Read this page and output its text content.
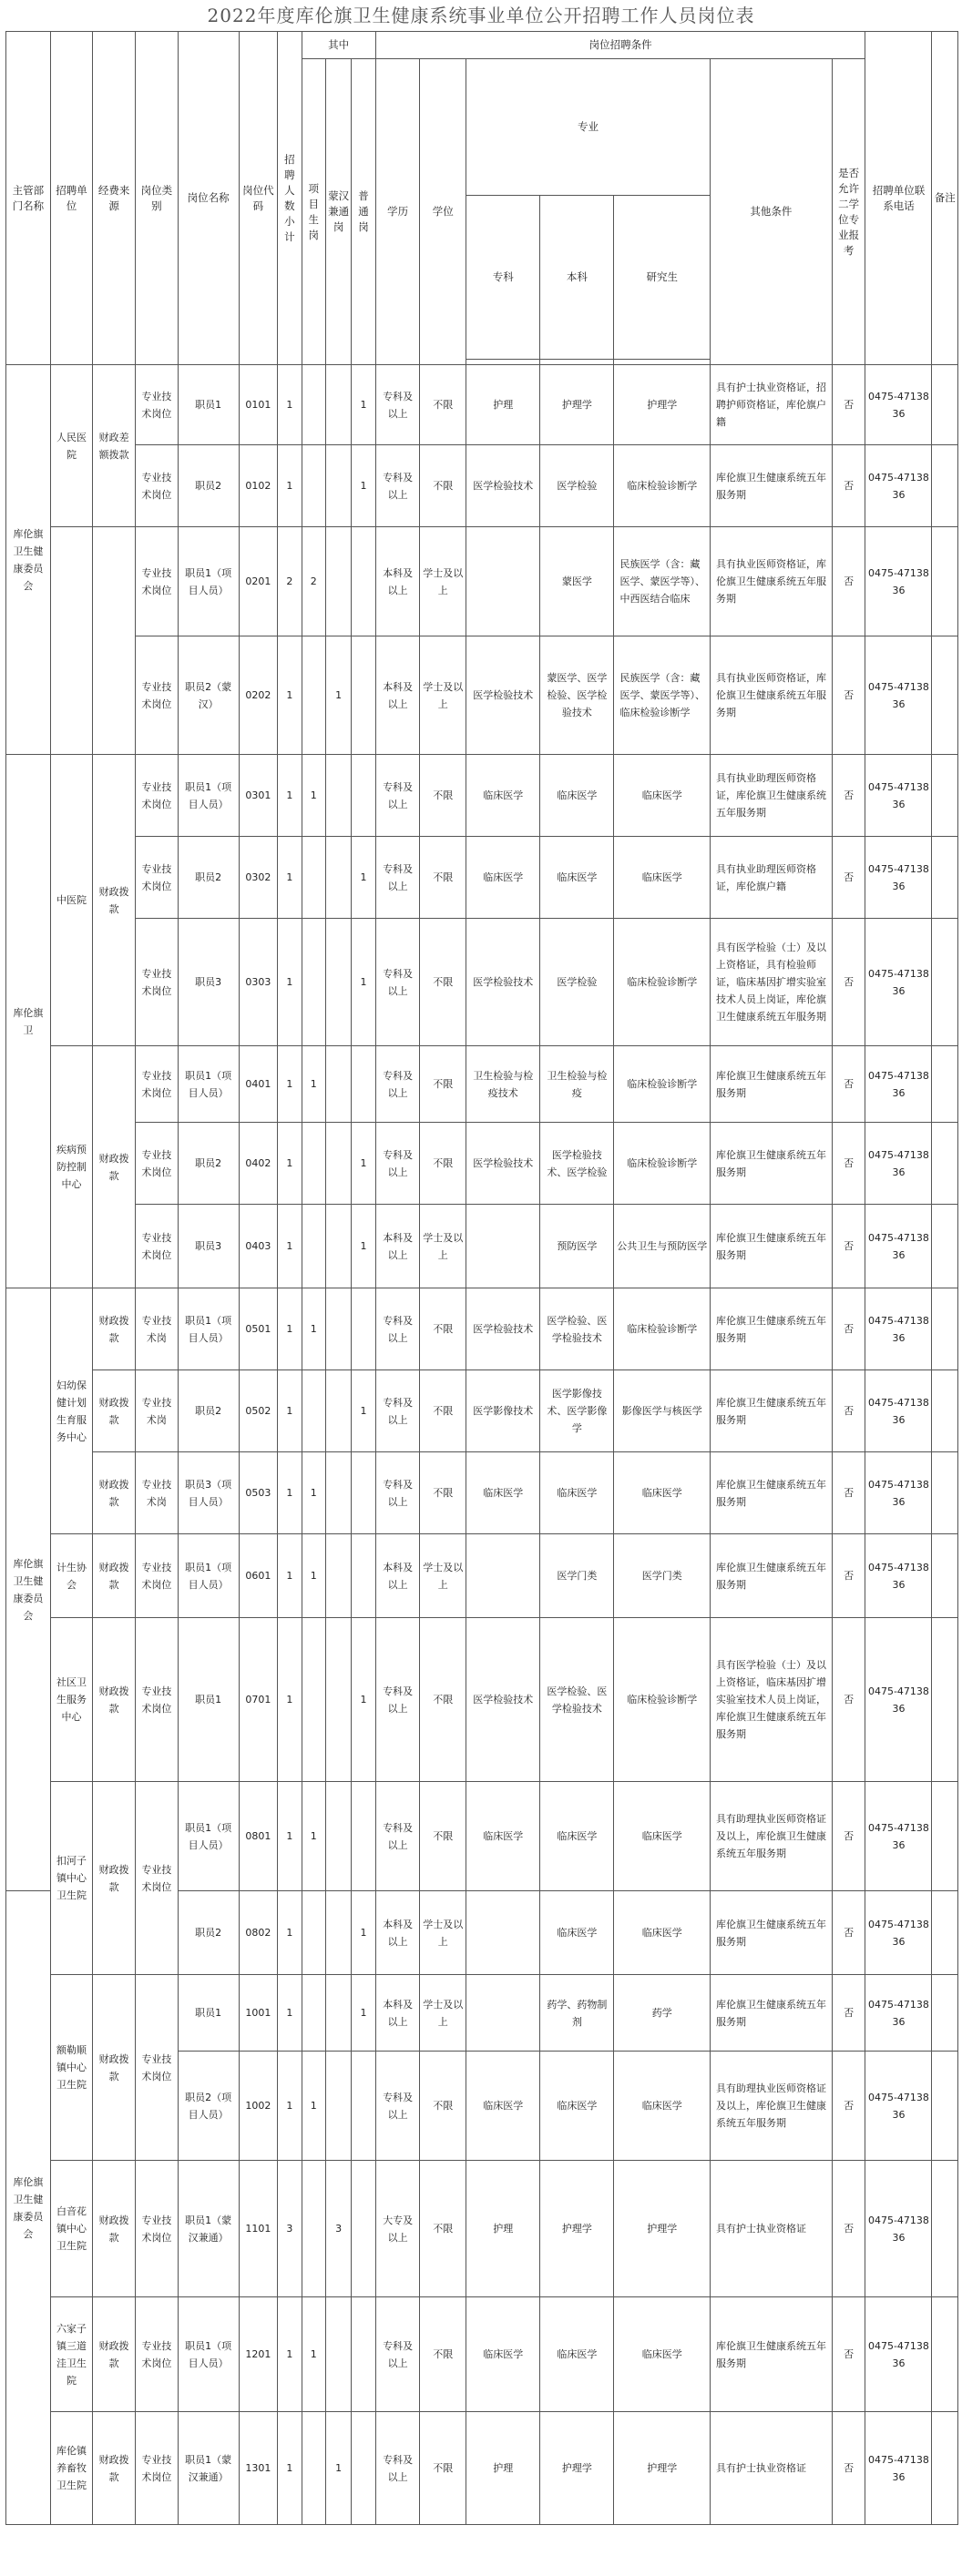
2022年度库伦旗卫生健康系统事业单位公开招聘工作人员岗位表
主管部门名称	招聘单位	经费来源	岗位类别	岗位名称	岗位代码	招聘人数小计	其中			岗位招聘条件							招聘单位联系电话	备注
							项目生岗	蒙汉兼通岗	普通岗	学历	学位	专业			其他条件	是否允许二学位专业报考		
												专科	本科	研究生				

库伦旗卫生健康委员会	人民医院	财政差额拨款	专业技术岗位	职员1	0101	1			1	专科及以上	不限	护理	护理学	护理学	具有护士执业资格证，招聘护师资格证，库伦旗户籍	否	0475-4713836	
			专业技术岗位	职员2	0102	1			1	专科及以上	不限	医学检验技术	医学检验	临床检验诊断学	库伦旗卫生健康系统五年服务期	否	0475-4713836	
			专业技术岗位	职员1（项目人员）	0201	2	2			本科及以上	学士及以上		蒙医学	民族医学（含：藏医学、蒙医学等）、中西医结合临床	具有执业医师资格证，库伦旗卫生健康系统五年服务期	否	0475-4713836	
			专业技术岗位	职员2（蒙汉）	0202	1		1		本科及以上	学士及以上	医学检验技术	蒙医学、医学检验、医学检验技术	民族医学（含：藏医学、蒙医学等）、临床检验诊断学	具有执业医师资格证，库伦旗卫生健康系统五年服务期	否	0475-4713836	
库伦旗卫	中医院	财政拨款	专业技术岗位	职员1（项目人员）	0301	1	1			专科及以上	不限	临床医学	临床医学	临床医学	具有执业助理医师资格证，库伦旗卫生健康系统五年服务期	否	0475-4713836	
			专业技术岗位	职员2	0302	1			1	专科及以上	不限	临床医学	临床医学	临床医学	具有执业助理医师资格证，库伦旗户籍	否	0475-4713836	
			专业技术岗位	职员3	0303	1			1	专科及以上	不限	医学检验技术	医学检验	临床检验诊断学	具有医学检验（士）及以上资格证，具有检验师证，临床基因扩增实验室技术人员上岗证，库伦旗卫生健康系统五年服务期	否	0475-4713836	
	疾病预防控制中心	财政拨款	专业技术岗位	职员1（项目人员）	0401	1	1			专科及以上	不限	卫生检验与检疫技术	卫生检验与检疫	临床检验诊断学	库伦旗卫生健康系统五年服务期	否	0475-4713836	
			专业技术岗位	职员2	0402	1			1	专科及以上	不限	医学检验技术	医学检验技术、医学检验	临床检验诊断学	库伦旗卫生健康系统五年服务期	否	0475-4713836	
			专业技术岗位	职员3	0403	1			1	本科及以上	学士及以上		预防医学	公共卫生与预防医学	库伦旗卫生健康系统五年服务期	否	0475-4713836	
库伦旗卫生健康委员会	妇幼保健计划生育服务中心	财政拨款	专业技术岗	职员1（项目人员）	0501	1	1			专科及以上	不限	医学检验技术	医学检验、医学检验技术	临床检验诊断学	库伦旗卫生健康系统五年服务期	否	0475-4713836	
		财政拨款	专业技术岗	职员2	0502	1			1	专科及以上	不限	医学影像技术	医学影像技术、医学影像学	影像医学与核医学	库伦旗卫生健康系统五年服务期	否	0475-4713836	
		财政拨款	专业技术岗	职员3（项目人员）	0503	1	1			专科及以上	不限	临床医学	临床医学	临床医学	库伦旗卫生健康系统五年服务期	否	0475-4713836	
	计生协会	财政拨款	专业技术岗位	职员1（项目人员）	0601	1	1			本科及以上	学士及以上		医学门类	医学门类	库伦旗卫生健康系统五年服务期	否	0475-4713836	
	社区卫生服务中心	财政拨款	专业技术岗位	职员1	0701	1			1	专科及以上	不限	医学检验技术	医学检验、医学检验技术	临床检验诊断学	具有医学检验（士）及以上资格证，临床基因扩增实验室技术人员上岗证，库伦旗卫生健康系统五年服务期	否	0475-4713836	
	扣河子镇中心卫生院	财政拨款	专业技术岗位	职员1（项目人员）	0801	1	1			专科及以上	不限	临床医学	临床医学	临床医学	具有助理执业医师资格证及以上，库伦旗卫生健康系统五年服务期	否	0475-4713836	
库伦旗卫生健康委员会				职员2	0802	1			1	本科及以上	学士及以上		临床医学	临床医学	库伦旗卫生健康系统五年服务期	否	0475-4713836	
	额勒顺镇中心卫生院	财政拨款	专业技术岗位	职员1	1001	1			1	本科及以上	学士及以上		药学、药物制剂	药学	库伦旗卫生健康系统五年服务期	否	0475-4713836	
				职员2（项目人员）	1002	1	1			专科及以上	不限	临床医学	临床医学	临床医学	具有助理执业医师资格证及以上，库伦旗卫生健康系统五年服务期	否	0475-4713836	
	白音花镇中心卫生院	财政拨款	专业技术岗位	职员1（蒙汉兼通）	1101	3		3		大专及以上	不限	护理	护理学	护理学	具有护士执业资格证	否	0475-4713836	
	六家子镇三道洼卫生院	财政拨款	专业技术岗位	职员1（项目人员）	1201	1	1			专科及以上	不限	临床医学	临床医学	临床医学	库伦旗卫生健康系统五年服务期	否	0475-4713836	
	库伦镇养畜牧卫生院	财政拨款	专业技术岗位	职员1（蒙汉兼通）	1301	1		1		专科及以上	不限	护理	护理学	护理学	具有护士执业资格证	否	0475-4713836	
